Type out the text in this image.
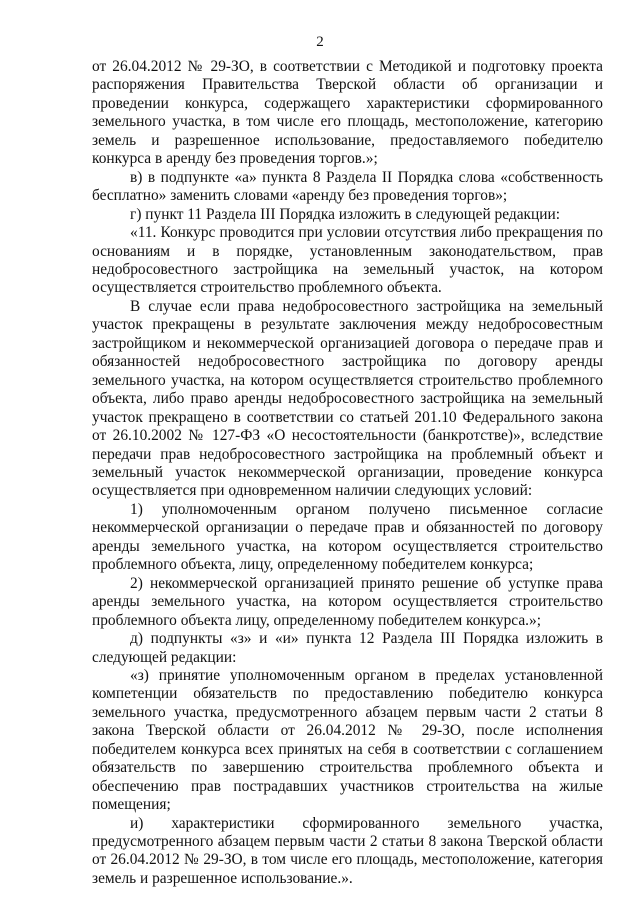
2

от 26.04.2012 № 29-ЗО, в соответствии с Методикой и подготовку проекта распоряжения Правительства Тверской области об организации и проведении конкурса, содержащего характеристики сформированного земельного участка, в том числе его площадь, местоположение, категорию земель и разрешенное использование, предоставляемого победителю конкурса в аренду без проведения торгов.»;

в) в подпункте «а» пункта 8 Раздела II Порядка слова «собственность бесплатно» заменить словами «аренду без проведения торгов»;

г) пункт 11 Раздела III Порядка изложить в следующей редакции:

«11. Конкурс проводится при условии отсутствия либо прекращения по основаниям и в порядке, установленным законодательством, прав недобросовестного застройщика на земельный участок, на котором осуществляется строительство проблемного объекта.

В случае если права недобросовестного застройщика на земельный участок прекращены в результате заключения между недобросовестным застройщиком и некоммерческой организацией договора о передаче прав и обязанностей недобросовестного застройщика по договору аренды земельного участка, на котором осуществляется строительство проблемного объекта, либо право аренды недобросовестного застройщика на земельный участок прекращено в соответствии со статьей 201.10 Федерального закона от 26.10.2002 № 127-ФЗ «О несостоятельности (банкротстве)», вследствие передачи прав недобросовестного застройщика на проблемный объект и земельный участок некоммерческой организации, проведение конкурса осуществляется при одновременном наличии следующих условий:

1) уполномоченным органом получено письменное согласие некоммерческой организации о передаче прав и обязанностей по договору аренды земельного участка, на котором осуществляется строительство проблемного объекта, лицу, определенному победителем конкурса;

2) некоммерческой организацией принято решение об уступке права аренды земельного участка, на котором осуществляется строительство проблемного объекта лицу, определенному победителем конкурса.»;

д) подпункты «з» и «и» пункта 12 Раздела III Порядка изложить в следующей редакции:

«з) принятие уполномоченным органом в пределах установленной компетенции обязательств по предоставлению победителю конкурса земельного участка, предусмотренного абзацем первым части 2 статьи 8 закона Тверской области от 26.04.2012 № 29-ЗО, после исполнения победителем конкурса всех принятых на себя в соответствии с соглашением обязательств по завершению строительства проблемного объекта и обеспечению прав пострадавших участников строительства на жилые помещения;

и) характеристики сформированного земельного участка, предусмотренного абзацем первым части 2 статьи 8 закона Тверской области от 26.04.2012 № 29-ЗО, в том числе его площадь, местоположение, категория земель и разрешенное использование.».
